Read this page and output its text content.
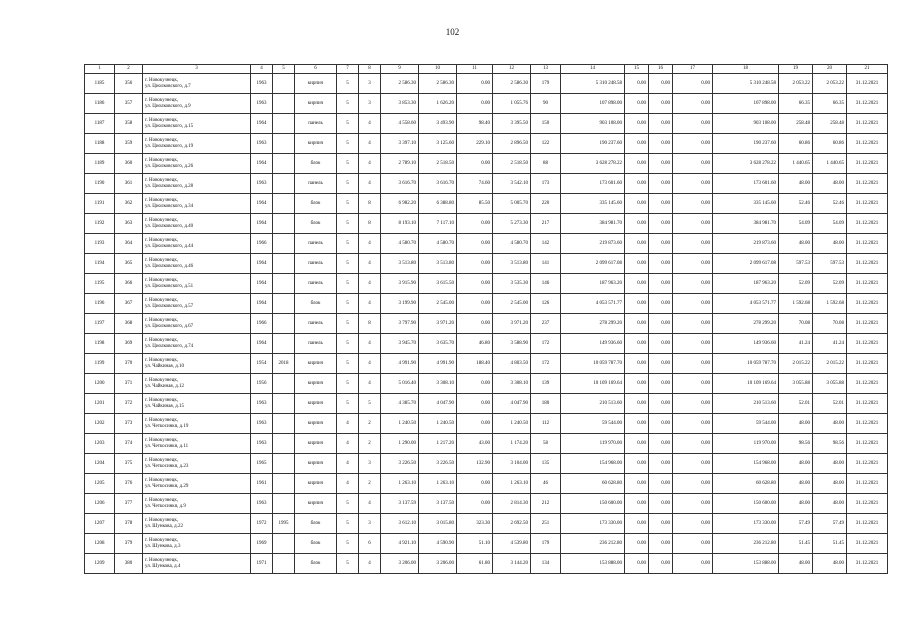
102
1	2	3	4	5	6	7	8	9	10	11	12	13	14	15	16	17	18	19	20	21
1185	356	г. Новокузнецк,
ул. Циолковского, д.7	1963		кирпич	5	3	2 586.30	2 586.30	0.00	2 586.30	179	5 310 248.58	0.00	0.00	0.00	5 310 248.58	2 053.22	2 053.22	31.12.2021
1186	357	г. Новокузнецк,
ул. Циолковского, д.9	1963		кирпич	5	3	3 853.30	1 626.20	0.00	1 055.76	90	107 898.00	0.00	0.00	0.00	107 898.00	66.35	66.35	31.12.2021
1187	358	г. Новокузнецк,
ул. Циолковского, д.15	1964		панель	5	4	4 558.60	3 493.90	98.40	3 395.50	150	903 108.00	0.00	0.00	0.00	903 108.00	258.48	258.48	31.12.2021
1188	359	г. Новокузнецк,
ул. Циолковского, д.19	1963		кирпич	5	4	3 397.10	3 125.60	229.10	2 896.50	122	190 237.60	0.00	0.00	0.00	190 237.60	60.86	60.86	31.12.2021
1189	360	г. Новокузнецк,
ул. Циолковского, д.26	1964		блок	5	4	2 789.10	2 518.50	0.00	2 518.50	88	3 628 278.22	0.00	0.00	0.00	3 628 278.22	1 440.65	1 440.65	31.12.2021
1190	361	г. Новокузнецк,
ул. Циолковского, д.28	1963		панель	5	4	3 616.70	3 616.70	74.60	3 542.10	173	173 601.60	0.00	0.00	0.00	173 601.60	48.00	48.00	31.12.2021
1191	362	г. Новокузнецк,
ул. Циолковского, д.34	1964		блок	5	8	6 982.20	6 388.80	85.50	5 005.70	220	335 145.60	0.00	0.00	0.00	335 145.60	52.46	52.46	31.12.2021
1192	363	г. Новокузнецк,
ул. Циолковского, д.40	1964		блок	5	8	8 193.10	7 117.10	0.00	5 273.30	217	384 981.70	0.00	0.00	0.00	384 981.70	54.09	54.09	31.12.2021
1193	364	г. Новокузнецк,
ул. Циолковского, д.44	1966		панель	5	4	4 580.70	4 580.70	0.00	4 580.70	142	219 873.60	0.00	0.00	0.00	219 873.60	48.00	48.00	31.12.2021
1194	365	г. Новокузнецк,
ул. Циолковского, д.46	1964		панель	5	4	3 513.80	3 513.80	0.00	3 513.80	141	2 099 617.08	0.00	0.00	0.00	2 099 617.08	597.53	597.53	31.12.2021
1195	366	г. Новокузнецк,
ул. Циолковского, д.51	1964		панель	5	4	3 915.90	3 615.50	0.00	3 535.30	146	187 963.20	0.00	0.00	0.00	187 963.20	52.09	52.09	31.12.2021
1196	367	г. Новокузнецк,
ул. Циолковского, д.57	1964		блок	5	4	3 199.90	2 545.00	0.00	2 545.00	126	4 053 571.77	0.00	0.00	0.00	4 053 571.77	1 592.68	1 592.68	31.12.2021
1197	368	г. Новокузнецк,
ул. Циолковского, д.67	1966		панель	5	8	3 797.90	3 971.20	0.00	3 971.20	237	278 299.20	0.00	0.00	0.00	278 299.20	70.08	70.08	31.12.2021
1198	369	г. Новокузнецк,
ул. Циолковского, д.74	1964		панель	5	4	3 945.70	3 635.70	46.80	3 588.90	172	149 936.60	0.00	0.00	0.00	149 936.60	41.24	41.24	31.12.2021
1199	370	г. Новокузнецк,
ул. Чайкиная, д.10	1954	2018	кирпич	5	4	4 991.90	4 991.90	188.40	4 803.50	172	10 059 787.70	0.00	0.00	0.00	10 059 787.70	2 015.22	2 015.22	31.12.2021
1200	371	г. Новокузнецк,
ул. Чайкиная, д.12	1956		кирпич	5	4	5 016.40	3 308.10	0.00	3 308.10	139	10 109 169.64	0.00	0.00	0.00	10 109 169.64	3 055.88	3 055.88	31.12.2021
1201	372	г. Новокузнецк,
ул. Чайкиная, д.15	1963		кирпич	5	5	4 385.70	4 047.90	0.00	4 047.90	180	210 513.60	0.00	0.00	0.00	210 513.60	52.01	52.01	31.12.2021
1202	373	г. Новокузнецк,
ул. Четкосинкя, д.19	1963		кирпич	4	2	1 240.50	1 240.50	0.00	1 240.50	112	59 544.00	0.00	0.00	0.00	59 544.00	48.00	48.00	31.12.2021
1203	374	г. Новокузнецк,
ул. Четкосинкя, д.11	1963		кирпич	4	2	1 290.00	1 217.20	43.00	1 174.20	58	119 970.00	0.00	0.00	0.00	119 970.00	98.56	98.56	31.12.2021
1204	375	г. Новокузнецк,
ул. Четкосинкя, д.23	1965		кирпич	4	3	3 226.50	3 226.50	132.90	3 104.00	135	154 968.00	0.00	0.00	0.00	154 968.00	48.00	48.00	31.12.2021
1205	376	г. Новокузнецк,
ул. Четкосинкя, д.29	1961		кирпич	4	2	1 263.10	1 263.10	0.00	1 263.10	46	60 628.80	0.00	0.00	0.00	60 628.80	48.00	48.00	31.12.2021
1206	377	г. Новокузнецк,
ул. Четкосинкя, д.9	1963		кирпич	5	4	3 137.59	3 137.50	0.00	2 814.30	212	150 600.00	0.00	0.00	0.00	150 600.00	48.00	48.00	31.12.2021
1207	378	г. Новокузнецк,
ул. Шункова, д.22	1972	1995	блок	5	3	3 612.10	3 015.80	323.30	2 692.50	251	173 330.00	0.00	0.00	0.00	173 330.00	57.49	57.49	31.12.2021
1208	379	г. Новокузнецк,
ул. Шункова, д.3	1969		блок	5	6	4 921.10	4 590.90	51.10	4 539.80	179	236 212.80	0.00	0.00	0.00	236 212.80	51.45	51.45	31.12.2021
1209	380	г. Новокузнецк,
ул. Шункова, д.4	1971		блок	5	4	3 206.00	3 206.00	61.80	3 144.20	134	153 888.00	0.00	0.00	0.00	153 888.00	48.00	48.00	31.12.2021
